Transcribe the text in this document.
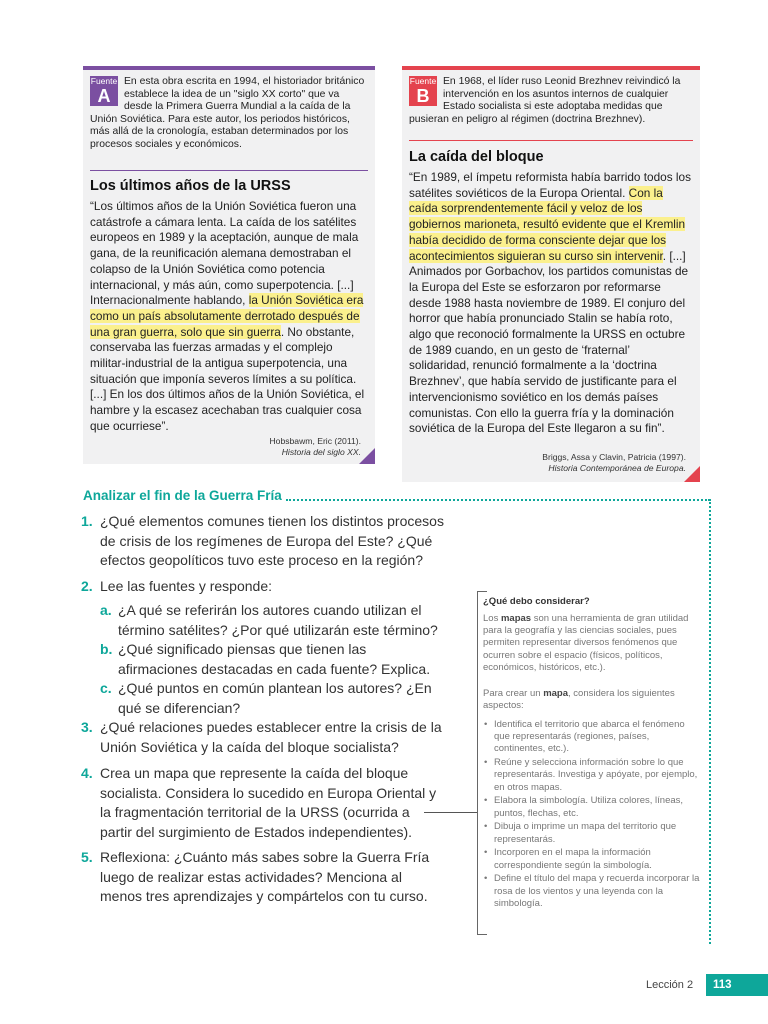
Fuente
A
En esta obra escrita en 1994, el historiador británico establece la idea de un "siglo XX corto" que va desde la Primera Guerra Mundial a la caída de la Unión Soviética. Para este autor, los periodos históricos, más allá de la cronología, estaban determinados por los procesos sociales y económicos.
Los últimos años de la URSS
“Los últimos años de la Unión Soviética fueron una catástrofe a cámara lenta. La caída de los satélites europeos en 1989 y la aceptación, aunque de mala gana, de la reunificación alemana demostraban el colapso de la Unión Soviética como potencia internacional, y más aún, como superpotencia. [...] Internacionalmente hablando, la Unión Soviética era como un país absolutamente derrotado después de una gran guerra, solo que sin guerra. No obstante, conservaba las fuerzas armadas y el complejo militar-industrial de la antigua superpotencia, una situación que imponía severos límites a su política. [...] En los dos últimos años de la Unión Soviética, el hambre y la escasez acechaban tras cualquier cosa que ocurriese”.
Hobsbawm, Eric (2011).
Historia del siglo XX.
Fuente
B
En 1968, el líder ruso Leonid Brezhnev reivindicó la intervención en los asuntos internos de cualquier Estado socialista si este adoptaba medidas que pusieran en peligro al régimen (doctrina Brezhnev).
La caída del bloque
“En 1989, el ímpetu reformista había barrido todos los satélites soviéticos de la Europa Oriental. Con la caída sorprendentemente fácil y veloz de los gobiernos marioneta, resultó evidente que el Kremlin había decidido de forma consciente dejar que los acontecimientos siguieran su curso sin intervenir. [...] Animados por Gorbachov, los partidos comunistas de la Europa del Este se esforzaron por reformarse desde 1988 hasta noviembre de 1989. El conjuro del horror que había pronunciado Stalin se había roto, algo que reconoció formalmente la URSS en octubre de 1989 cuando, en un gesto de ‘fraternal’ solidaridad, renunció formalmente a la ‘doctrina Brezhnev’, que había servido de justificante para el intervencionismo soviético en los demás países comunistas. Con ello la guerra fría y la dominación soviética de la Europa del Este llegaron a su fin”.
Briggs, Assa y Clavin, Patricia (1997).
Historia Contemporánea de Europa.
Analizar el fin de la Guerra Fría
1. ¿Qué elementos comunes tienen los distintos procesos de crisis de los regímenes de Europa del Este? ¿Qué efectos geopolíticos tuvo este proceso en la región?
2. Lee las fuentes y responde:
a. ¿A qué se referirán los autores cuando utilizan el término satélites? ¿Por qué utilizarán este término?
b. ¿Qué significado piensas que tienen las afirmaciones destacadas en cada fuente? Explica.
c. ¿Qué puntos en común plantean los autores? ¿En qué se diferencian?
3. ¿Qué relaciones puedes establecer entre la crisis de la Unión Soviética y la caída del bloque socialista?
4. Crea un mapa que represente la caída del bloque socialista. Considera lo sucedido en Europa Oriental y la fragmentación territorial de la URSS (ocurrida a partir del surgimiento de Estados independientes).
5. Reflexiona: ¿Cuánto más sabes sobre la Guerra Fría luego de realizar estas actividades? Menciona al menos tres aprendizajes y compártelos con tu curso.
¿Qué debo considerar?
Los mapas son una herramienta de gran utilidad para la geografía y las ciencias sociales, pues permiten representar diversos fenómenos que ocurren sobre el espacio (físicos, políticos, económicos, históricos, etc.).
Para crear un mapa, considera los siguientes aspectos:
• Identifica el territorio que abarca el fenómeno que representarás (regiones, países, continentes, etc.).
• Reúne y selecciona información sobre lo que representarás. Investiga y apóyate, por ejemplo, en otros mapas.
• Elabora la simbología. Utiliza colores, líneas, puntos, flechas, etc.
• Dibuja o imprime un mapa del territorio que representarás.
• Incorporen en el mapa la información correspondiente según la simbología.
• Define el título del mapa y recuerda incorporar la rosa de los vientos y una leyenda con la simbología.
Lección 2	113
